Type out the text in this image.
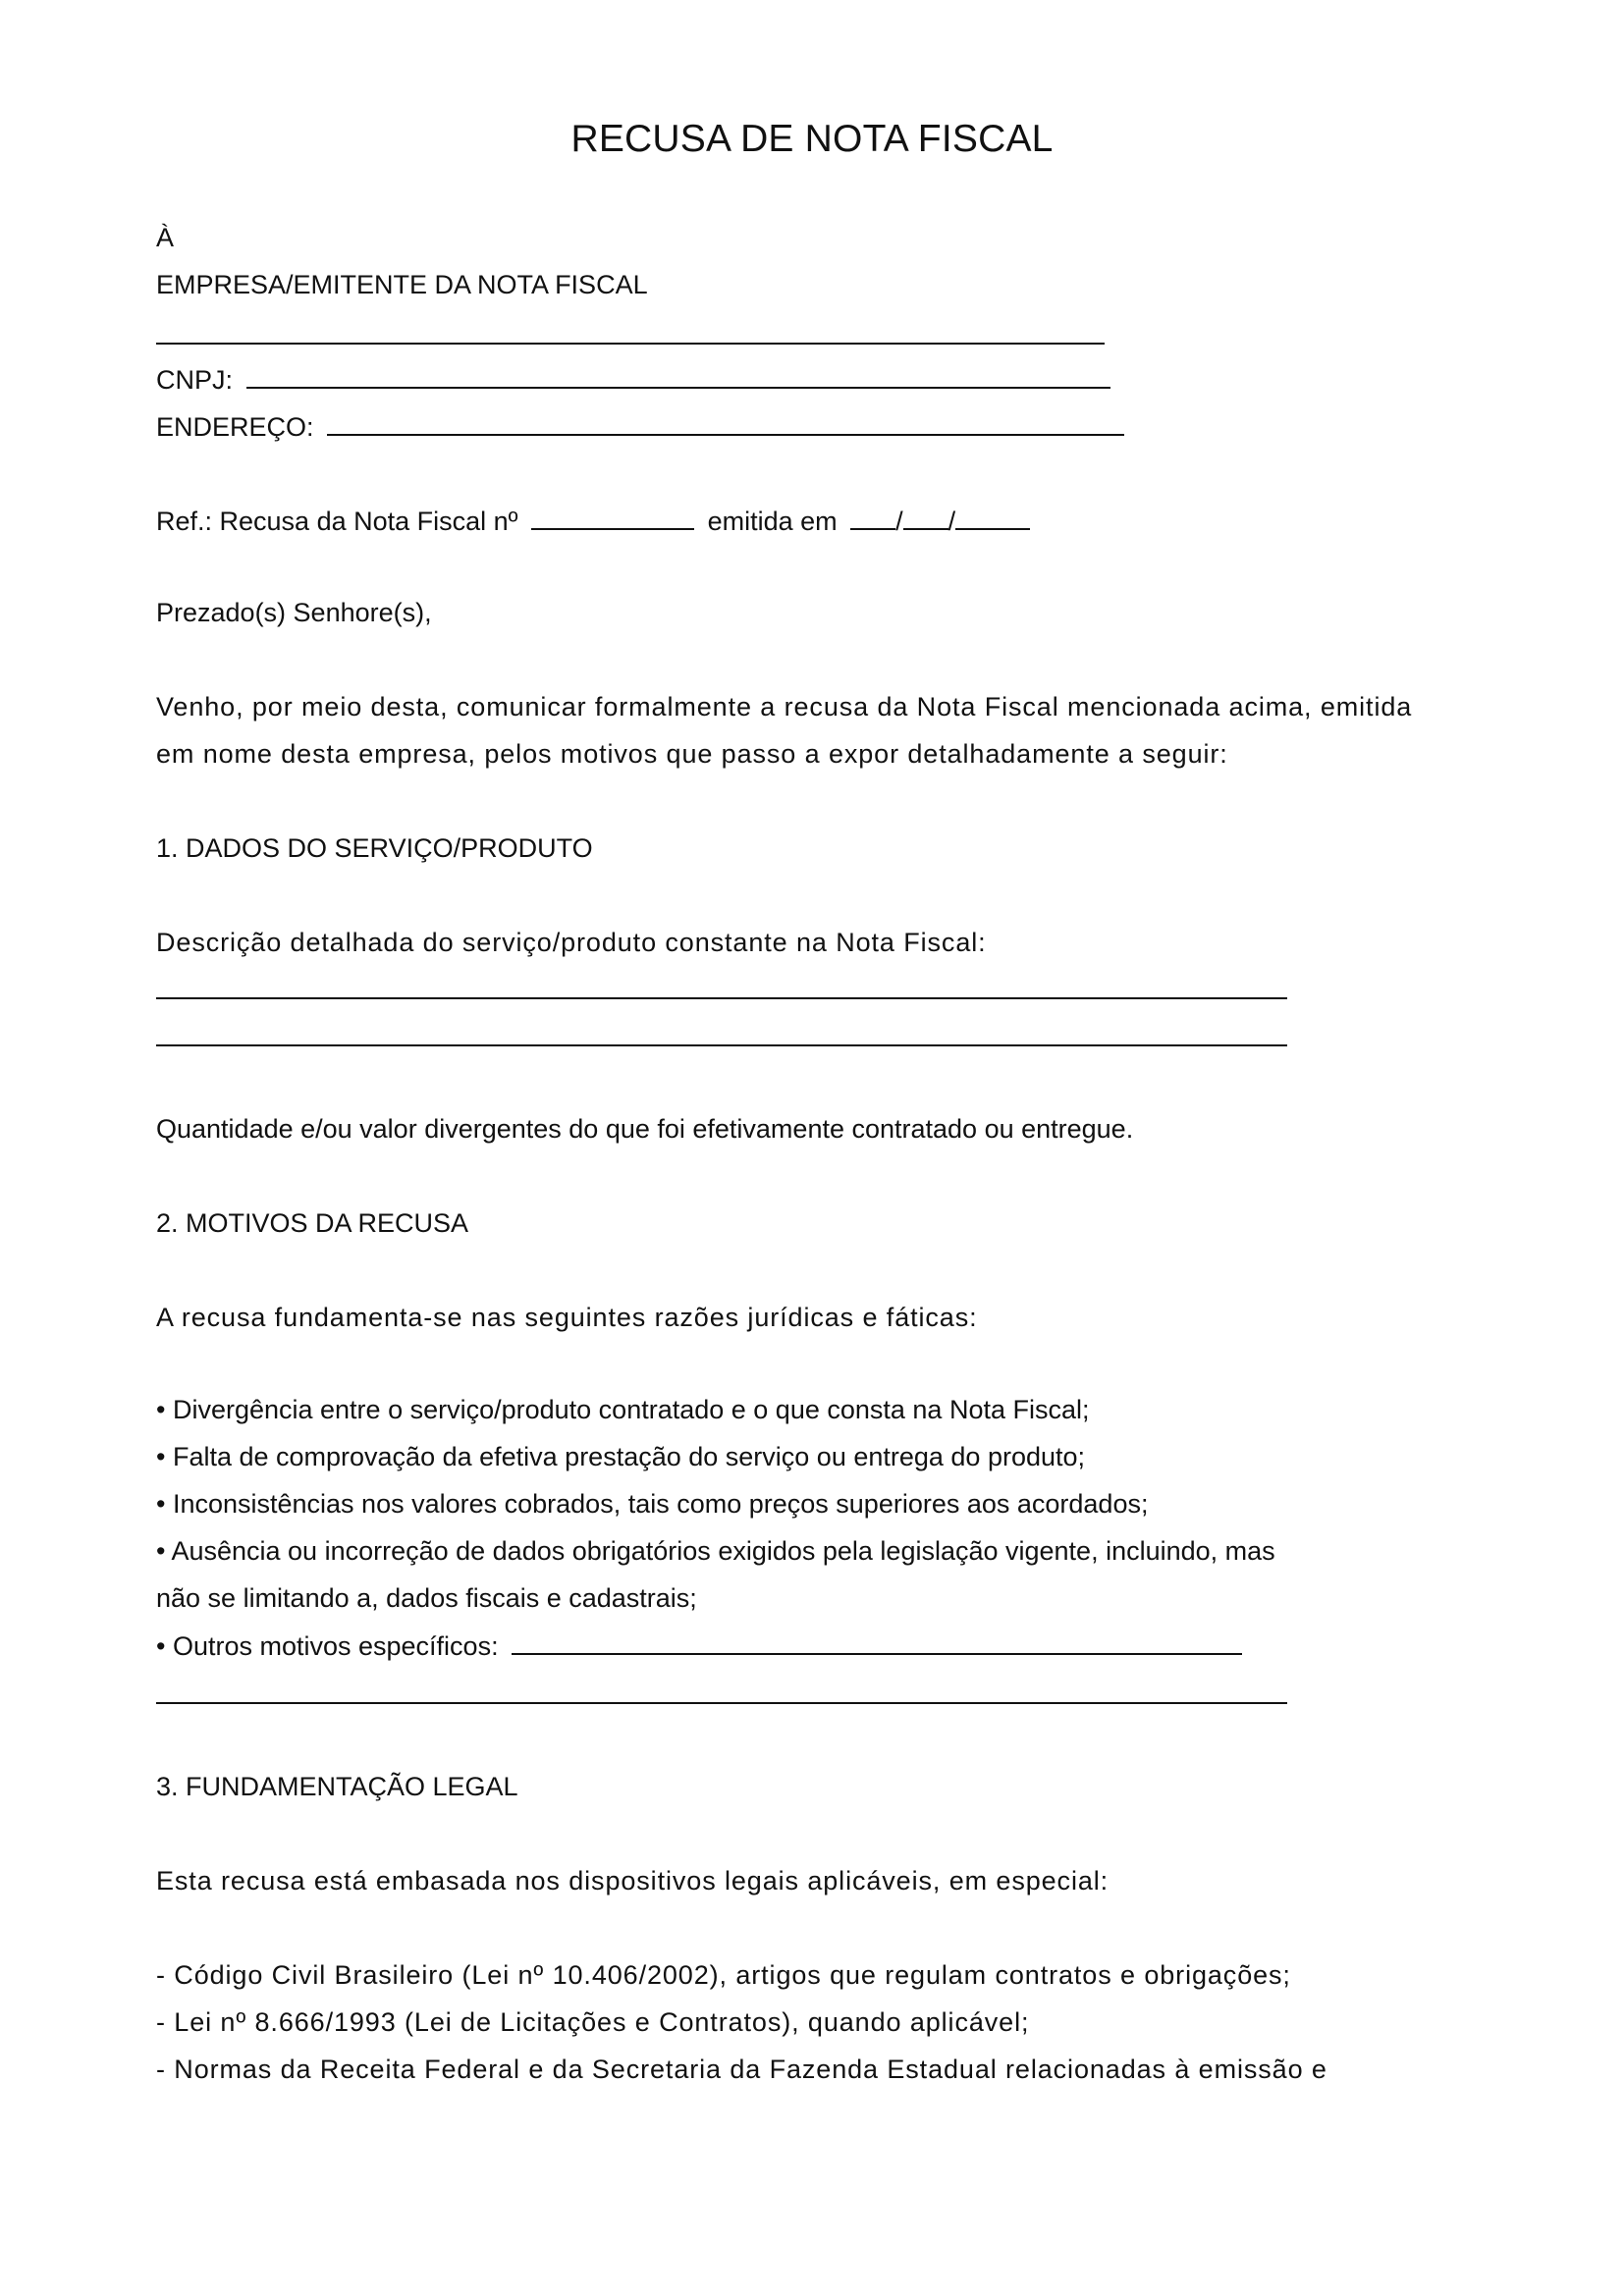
RECUSA DE NOTA FISCAL
À
EMPRESA/EMITENTE DA NOTA FISCAL
CNPJ:
ENDEREÇO:
Ref.: Recusa da Nota Fiscal nº	emitida em / /
Prezado(s) Senhore(s),
Venho, por meio desta, comunicar formalmente a recusa da Nota Fiscal mencionada acima, emitida
em nome desta empresa, pelos motivos que passo a expor detalhadamente a seguir:
1. DADOS DO SERVIÇO/PRODUTO
Descrição detalhada do serviço/produto constante na Nota Fiscal:
Quantidade e/ou valor divergentes do que foi efetivamente contratado ou entregue.
2. MOTIVOS DA RECUSA
A recusa fundamenta-se nas seguintes razões jurídicas e fáticas:
• Divergência entre o serviço/produto contratado e o que consta na Nota Fiscal;
• Falta de comprovação da efetiva prestação do serviço ou entrega do produto;
• Inconsistências nos valores cobrados, tais como preços superiores aos acordados;
• Ausência ou incorreção de dados obrigatórios exigidos pela legislação vigente, incluindo, mas
não se limitando a, dados fiscais e cadastrais;
• Outros motivos específicos:
3. FUNDAMENTAÇÃO LEGAL
Esta recusa está embasada nos dispositivos legais aplicáveis, em especial:
- Código Civil Brasileiro (Lei nº 10.406/2002), artigos que regulam contratos e obrigações;
- Lei nº 8.666/1993 (Lei de Licitações e Contratos), quando aplicável;
- Normas da Receita Federal e da Secretaria da Fazenda Estadual relacionadas à emissão e
